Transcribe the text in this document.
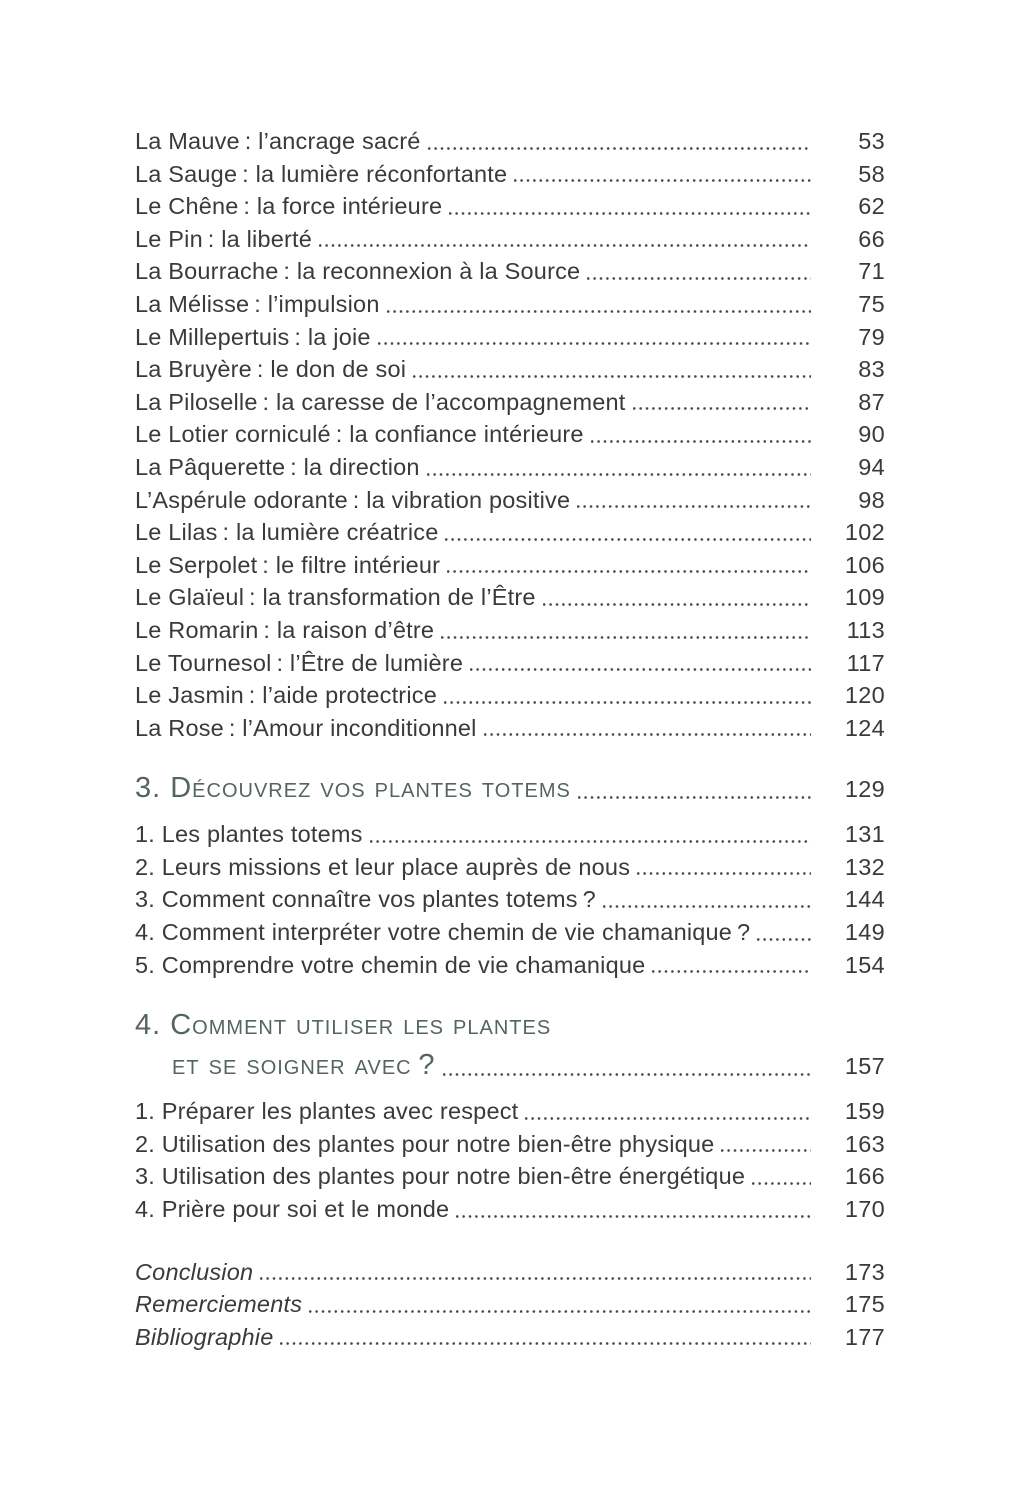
La Mauve : l’ancrage sacré	53
La Sauge : la lumière réconfortante	58
Le Chêne : la force intérieure	62
Le Pin : la liberté	66
La Bourrache : la reconnexion à la Source	71
La Mélisse : l’impulsion	75
Le Millepertuis : la joie	79
La Bruyère : le don de soi	83
La Piloselle : la caresse de l’accompagnement	87
Le Lotier corniculé : la confiance intérieure	90
La Pâquerette : la direction	94
L’Aspérule odorante : la vibration positive	98
Le Lilas : la lumière créatrice	102
Le Serpolet : le filtre intérieur	106
Le Glaïeul : la transformation de l’Être	109
Le Romarin : la raison d’être	113
Le Tournesol : l’Être de lumière	117
Le Jasmin : l’aide protectrice	120
La Rose : l’Amour inconditionnel	124
3. Découvrez vos plantes totems	129
1. Les plantes totems	131
2. Leurs missions et leur place auprès de nous	132
3. Comment connaître vos plantes totems ?	144
4. Comment interpréter votre chemin de vie chamanique ?	149
5. Comprendre votre chemin de vie chamanique	154
4. Comment utiliser les plantes
et se soigner avec ?	157
1. Préparer les plantes avec respect	159
2. Utilisation des plantes pour notre bien-être physique	163
3. Utilisation des plantes pour notre bien-être énergétique	166
4. Prière pour soi et le monde	170
Conclusion	173
Remerciements	175
Bibliographie	177
